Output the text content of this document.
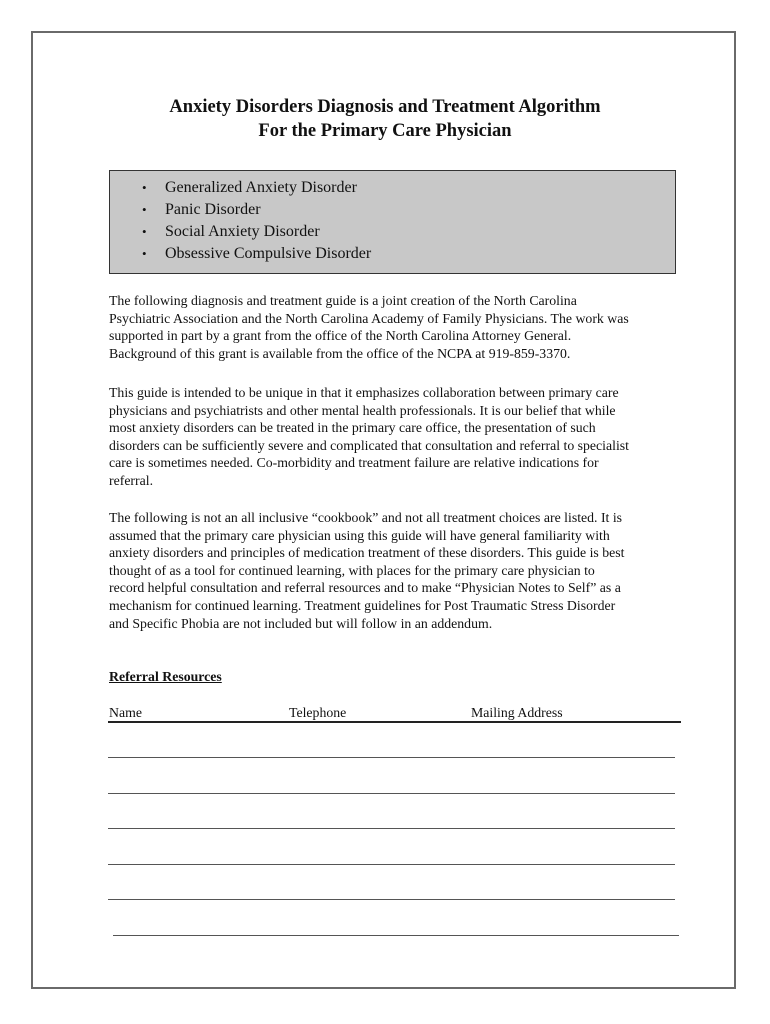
Anxiety Disorders Diagnosis and Treatment Algorithm
For the Primary Care Physician
• Generalized Anxiety Disorder
• Panic Disorder
• Social Anxiety Disorder
• Obsessive Compulsive Disorder

The following diagnosis and treatment guide is a joint creation of the North Carolina
Psychiatric Association and the North Carolina Academy of Family Physicians. The work was
supported in part by a grant from the office of the North Carolina Attorney General.
Background of this grant is available from the office of the NCPA at 919-859-3370.

This guide is intended to be unique in that it emphasizes collaboration between primary care
physicians and psychiatrists and other mental health professionals. It is our belief that while
most anxiety disorders can be treated in the primary care office, the presentation of such
disorders can be sufficiently severe and complicated that consultation and referral to specialist
care is sometimes needed. Co-morbidity and treatment failure are relative indications for
referral.

The following is not an all inclusive “cookbook” and not all treatment choices are listed. It is
assumed that the primary care physician using this guide will have general familiarity with
anxiety disorders and principles of medication treatment of these disorders. This guide is best
thought of as a tool for continued learning, with places for the primary care physician to
record helpful consultation and referral resources and to make “Physician Notes to Self” as a
mechanism for continued learning. Treatment guidelines for Post Traumatic Stress Disorder
and Specific Phobia are not included but will follow in an addendum.

Referral Resources
Name	Telephone	Mailing Address
